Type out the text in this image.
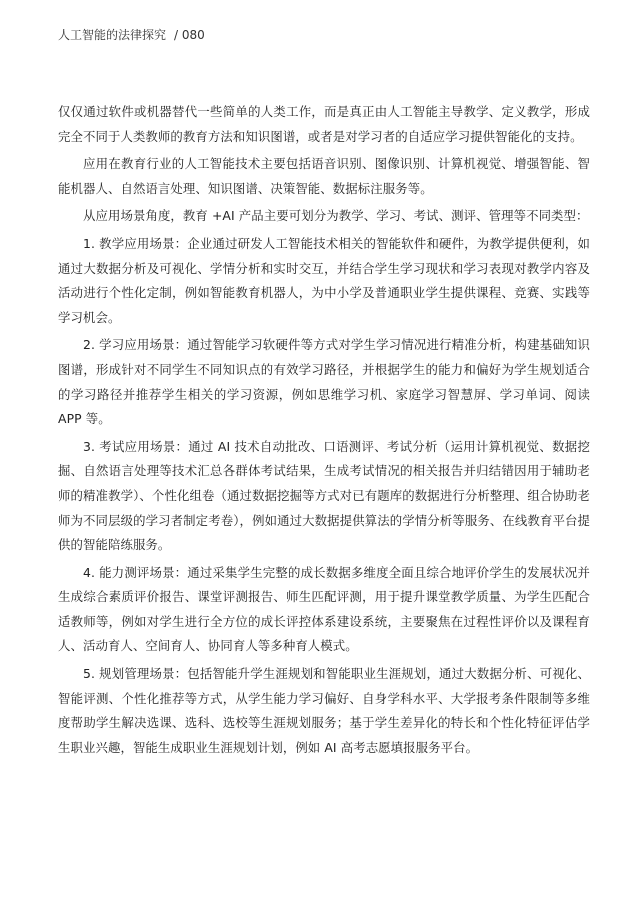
人工智能的法律探究 / 080

仅仅通过软件或机器替代一些简单的人类工作，而是真正由人工智能主导教学、定义教学，形成完全不同于人类教师的教育方法和知识图谱，或者是对学习者的自适应学习提供智能化的支持。

应用在教育行业的人工智能技术主要包括语音识别、图像识别、计算机视觉、增强智能、智能机器人、自然语言处理、知识图谱、决策智能、数据标注服务等。

从应用场景角度，教育 +AI 产品主要可划分为教学、学习、考试、测评、管理等不同类型：

1. 教学应用场景：企业通过研发人工智能技术相关的智能软件和硬件，为教学提供便利，如通过大数据分析及可视化、学情分析和实时交互，并结合学生学习现状和学习表现对教学内容及活动进行个性化定制，例如智能教育机器人，为中小学及普通职业学生提供课程、竞赛、实践等学习机会。

2. 学习应用场景：通过智能学习软硬件等方式对学生学习情况进行精准分析，构建基础知识图谱，形成针对不同学生不同知识点的有效学习路径，并根据学生的能力和偏好为学生规划适合的学习路径并推荐学生相关的学习资源，例如思维学习机、家庭学习智慧屏、学习单词、阅读 APP 等。

3. 考试应用场景：通过 AI 技术自动批改、口语测评、考试分析（运用计算机视觉、数据挖掘、自然语言处理等技术汇总各群体考试结果，生成考试情况的相关报告并归结错因用于辅助老师的精准教学）、个性化组卷（通过数据挖掘等方式对已有题库的数据进行分析整理、组合协助老师为不同层级的学习者制定考卷），例如通过大数据提供算法的学情分析等服务、在线教育平台提供的智能陪练服务。

4. 能力测评场景：通过采集学生完整的成长数据多维度全面且综合地评价学生的发展状况并生成综合素质评价报告、课堂评测报告、师生匹配评测，用于提升课堂教学质量、为学生匹配合适教师等，例如对学生进行全方位的成长评控体系建设系统，主要聚焦在过程性评价以及课程育人、活动育人、空间育人、协同育人等多种育人模式。

5. 规划管理场景：包括智能升学生涯规划和智能职业生涯规划，通过大数据分析、可视化、智能评测、个性化推荐等方式，从学生能力学习偏好、自身学科水平、大学报考条件限制等多维度帮助学生解决选课、选科、选校等生涯规划服务；基于学生差异化的特长和个性化特征评估学生职业兴趣，智能生成职业生涯规划计划，例如 AI 高考志愿填报服务平台。
